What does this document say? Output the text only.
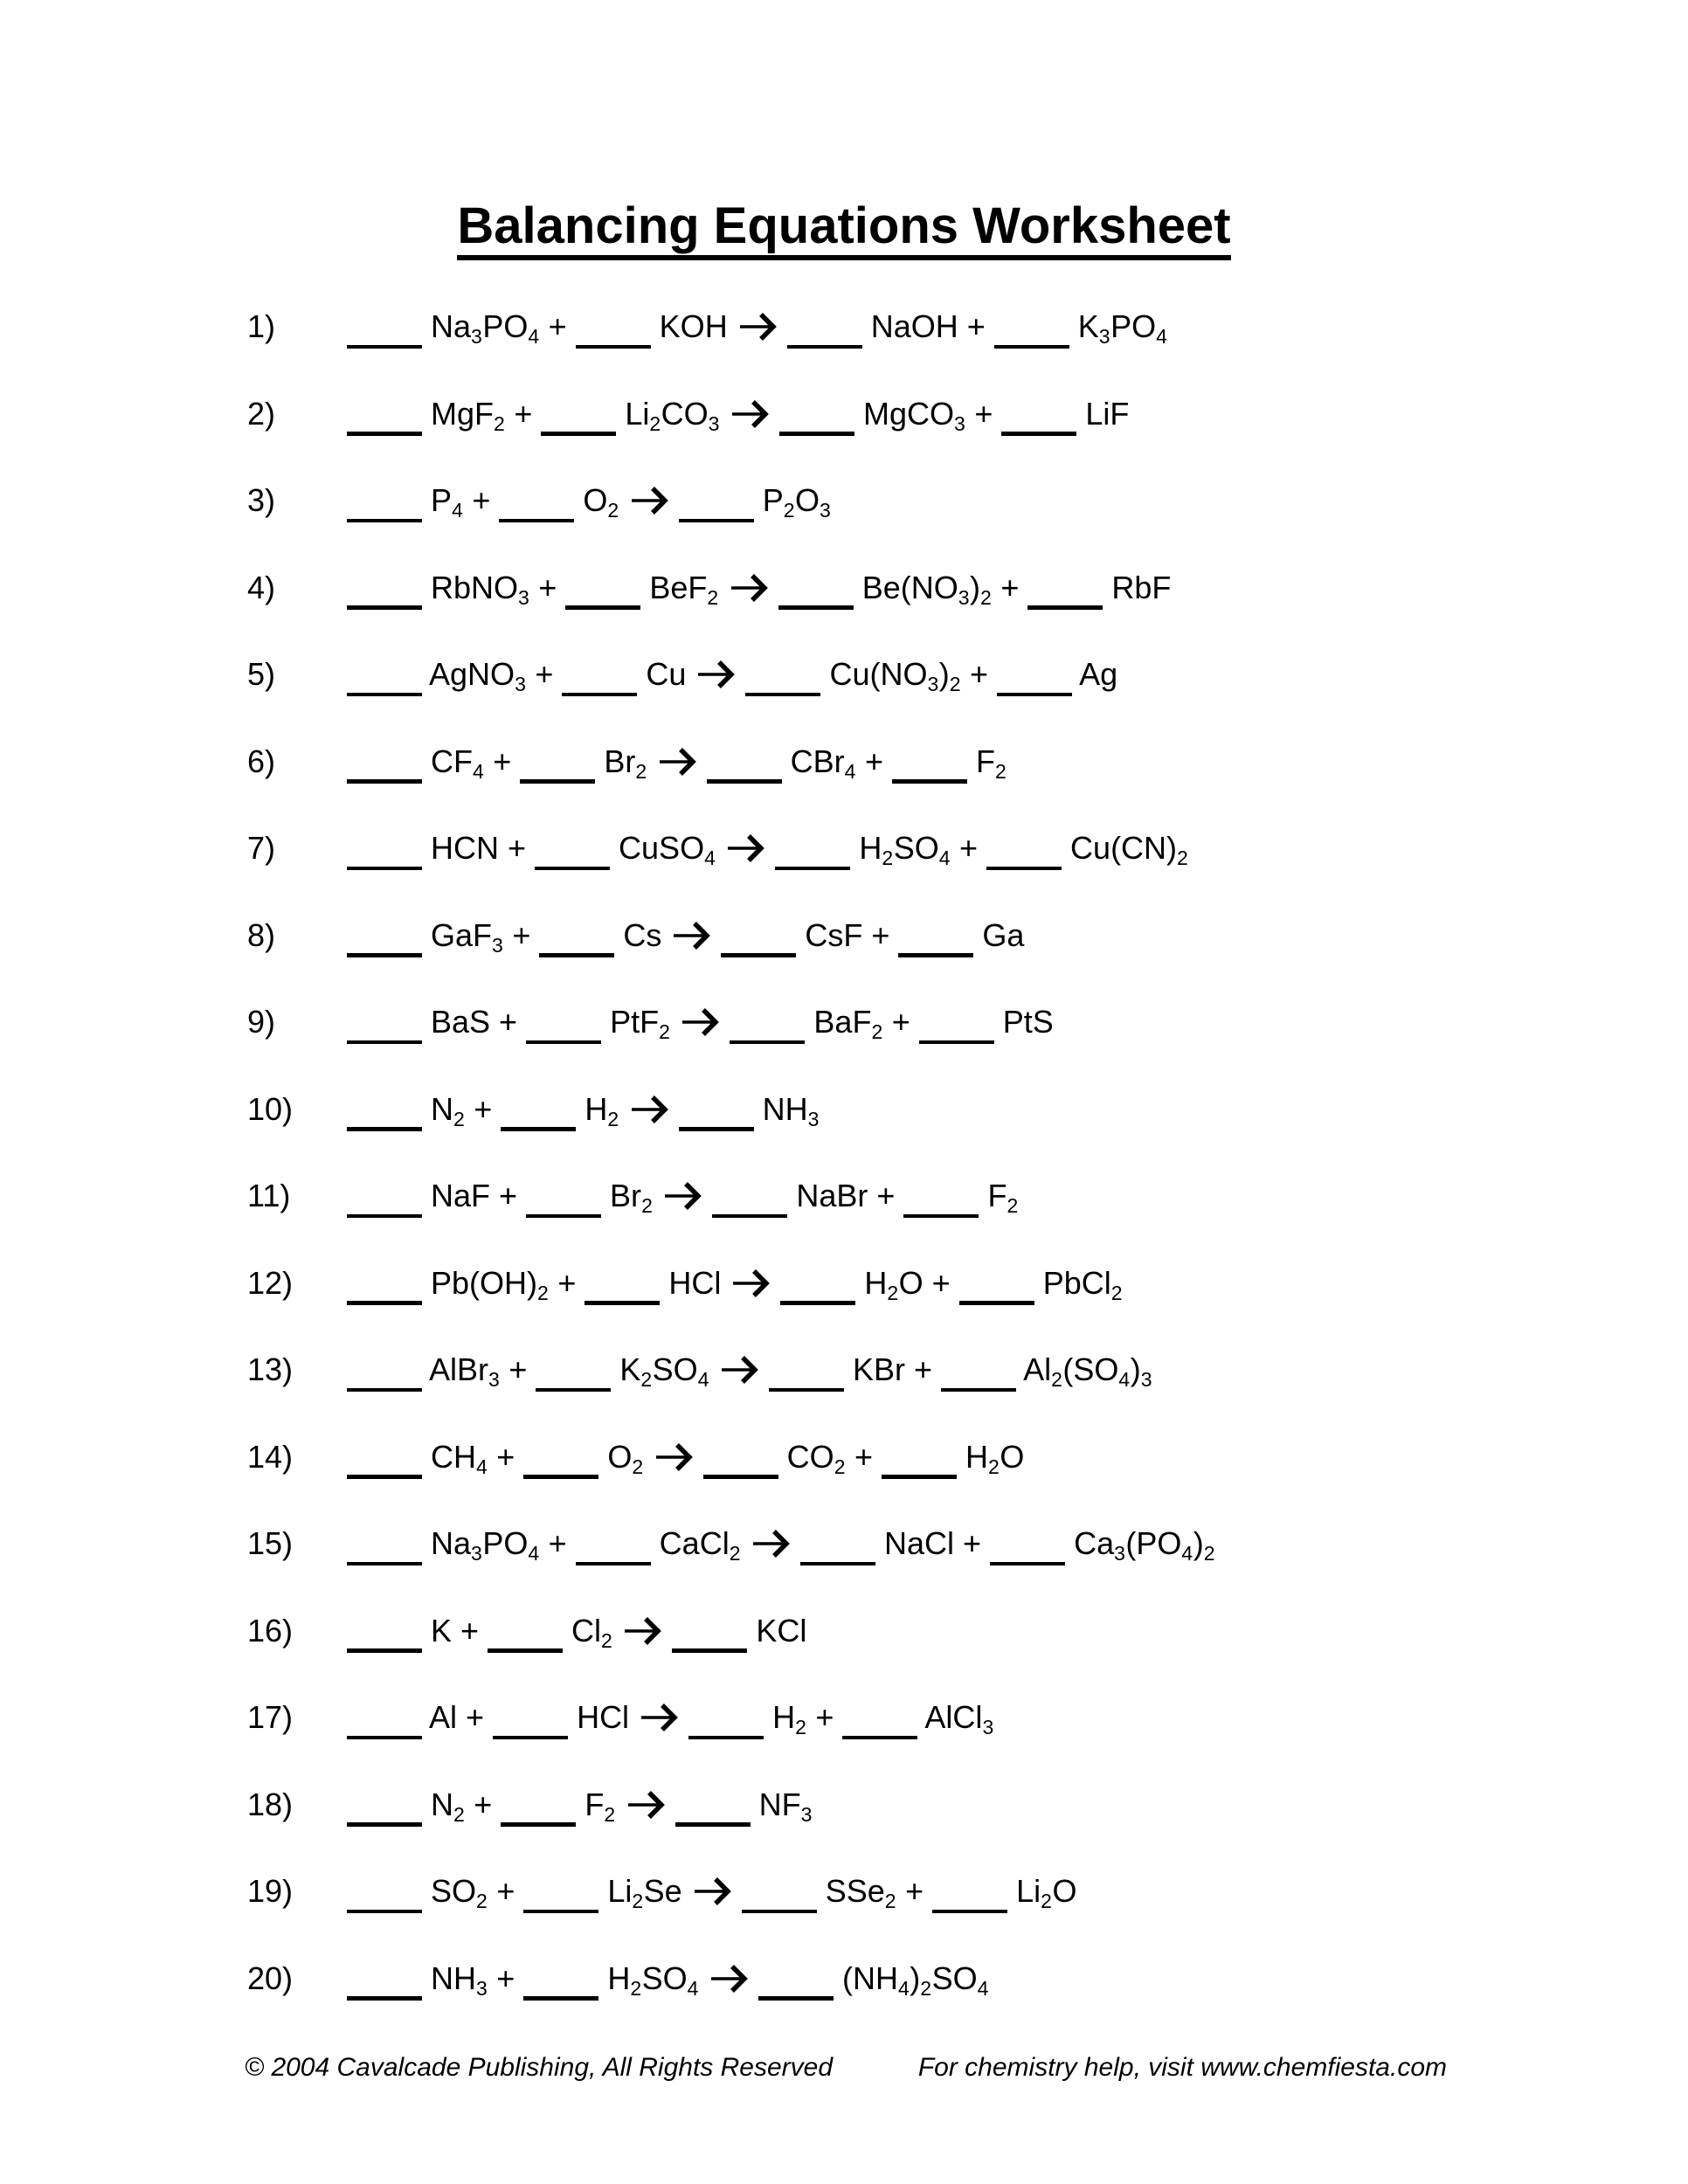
Balancing Equations Worksheet
1)	$Na_3PO_4$ +  KOH →	NaOH +  $K_3PO_4$
2)	$MgF_2 + Li_2CO_3$ →	MgCO$_3$ +  LiF
3)	$P_4 + O_2$ →	$P_2O_3$
4)	RbNO$_3$ +  BeF$_2$ →	$Be(NO_3)_2$ +  RbF
5)	AgNO$_3$ +  Cu →	$Cu(NO_3)_2 + Ag$
6)	$CF_4 + Br_2$ →	$CBr_4 + F_2$
7)	HCN +  CuSO$_4$ →	$H_2SO_4 + Cu(CN)_2$
8)	GaF$_3$ +  Cs →	CsF +  Ga
9)	BaS +  PtF$_2$ →	BaF$_2$ +  PtS
10)	$N_2 + H_2$ →	$NH_3$
11)	NaF +  $Br_2$ →	NaBr +  $F_2$
12)	$Pb(OH)_2$ +  HCl →	$H_2O$ +  PbCl$_2$
13)	AlBr$_3$ +  $K_2SO_4$ →	KBr +  $Al_2(SO_4)_3$
14)	$CH_4 + O_2$ →	$CO_2 + H_2O$
15)	$Na_3PO_4$ +  CaCl$_2$ →	NaCl +  $Ca_3(PO_4)_2$
16)	$K + Cl_2$ →	KCl
17)	Al +  HCl →	$H_2$ +  AlCl$_3$
18)	$N_2 + F_2$ →	$NF_3$
19)	$SO_2 + Li_2Se$ →	$SSe_2 + Li_2O$
20)	$NH_3 + H_2SO_4$ →	$(NH_4)_2SO_4$
© 2004 Cavalcade Publishing, All Rights Reserved	For chemistry help, visit www.chemfiesta.com
